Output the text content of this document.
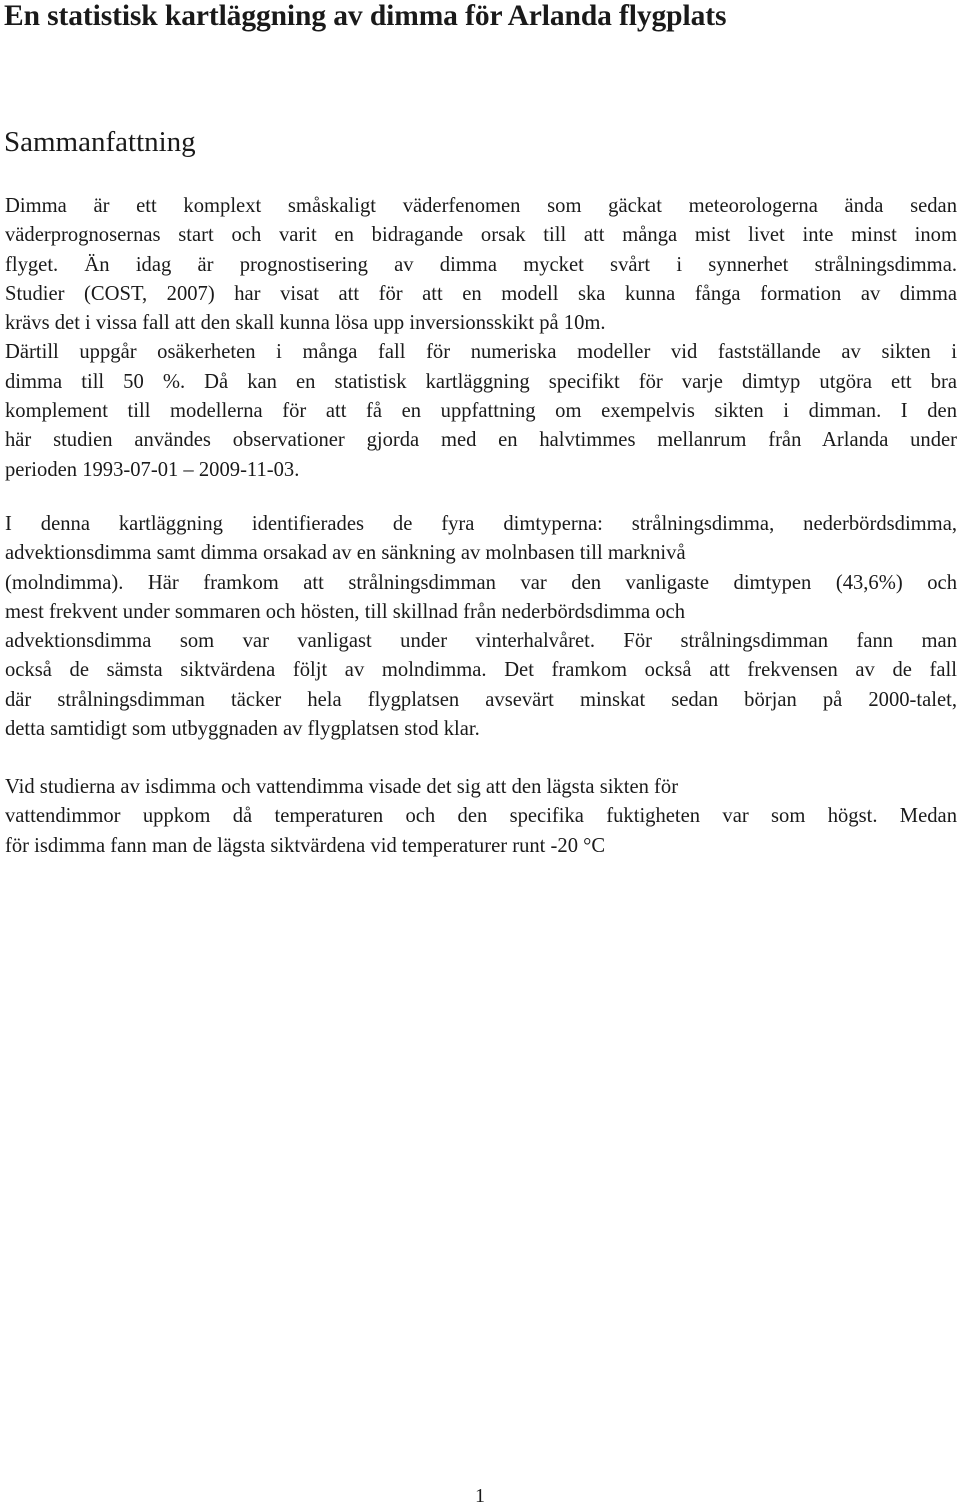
En statistisk kartläggning av dimma för Arlanda flygplats
Sammanfattning
Dimma är ett komplext småskaligt väderfenomen som gäckat meteorologerna ända sedan
väderprognosernas start och varit en bidragande orsak till att många mist livet inte minst inom
flyget. Än idag är prognostisering av dimma mycket svårt i synnerhet strålningsdimma.
Studier (COST, 2007) har visat att för att en modell ska kunna fånga formation av dimma
krävs det i vissa fall att den skall kunna lösa upp inversionsskikt på 10m.
Därtill uppgår osäkerheten i många fall för numeriska modeller vid fastställande av sikten i
dimma till 50 %. Då kan en statistisk kartläggning specifikt för varje dimtyp utgöra ett bra
komplement till modellerna för att få en uppfattning om exempelvis sikten i dimman. I den
här studien användes observationer gjorda med en halvtimmes mellanrum från Arlanda under
perioden 1993-07-01 – 2009-11-03.
I denna kartläggning identifierades de fyra dimtyperna: strålningsdimma, nederbördsdimma,
advektionsdimma samt dimma orsakad av en sänkning av molnbasen till marknivå
(molndimma). Här framkom att strålningsdimman var den vanligaste dimtypen (43,6%) och
mest frekvent under sommaren och hösten, till skillnad från nederbördsdimma och
advektionsdimma som var vanligast under vinterhalvåret. För strålningsdimman fann man
också de sämsta siktvärdena följt av molndimma. Det framkom också att frekvensen av de fall
där strålningsdimman täcker hela flygplatsen avsevärt minskat sedan början på 2000-talet,
detta samtidigt som utbyggnaden av flygplatsen stod klar.
Vid studierna av isdimma och vattendimma visade det sig att den lägsta sikten för
vattendimmor uppkom då temperaturen och den specifika fuktigheten var som högst. Medan
för isdimma fann man de lägsta siktvärdena vid temperaturer runt -20 °C
1
